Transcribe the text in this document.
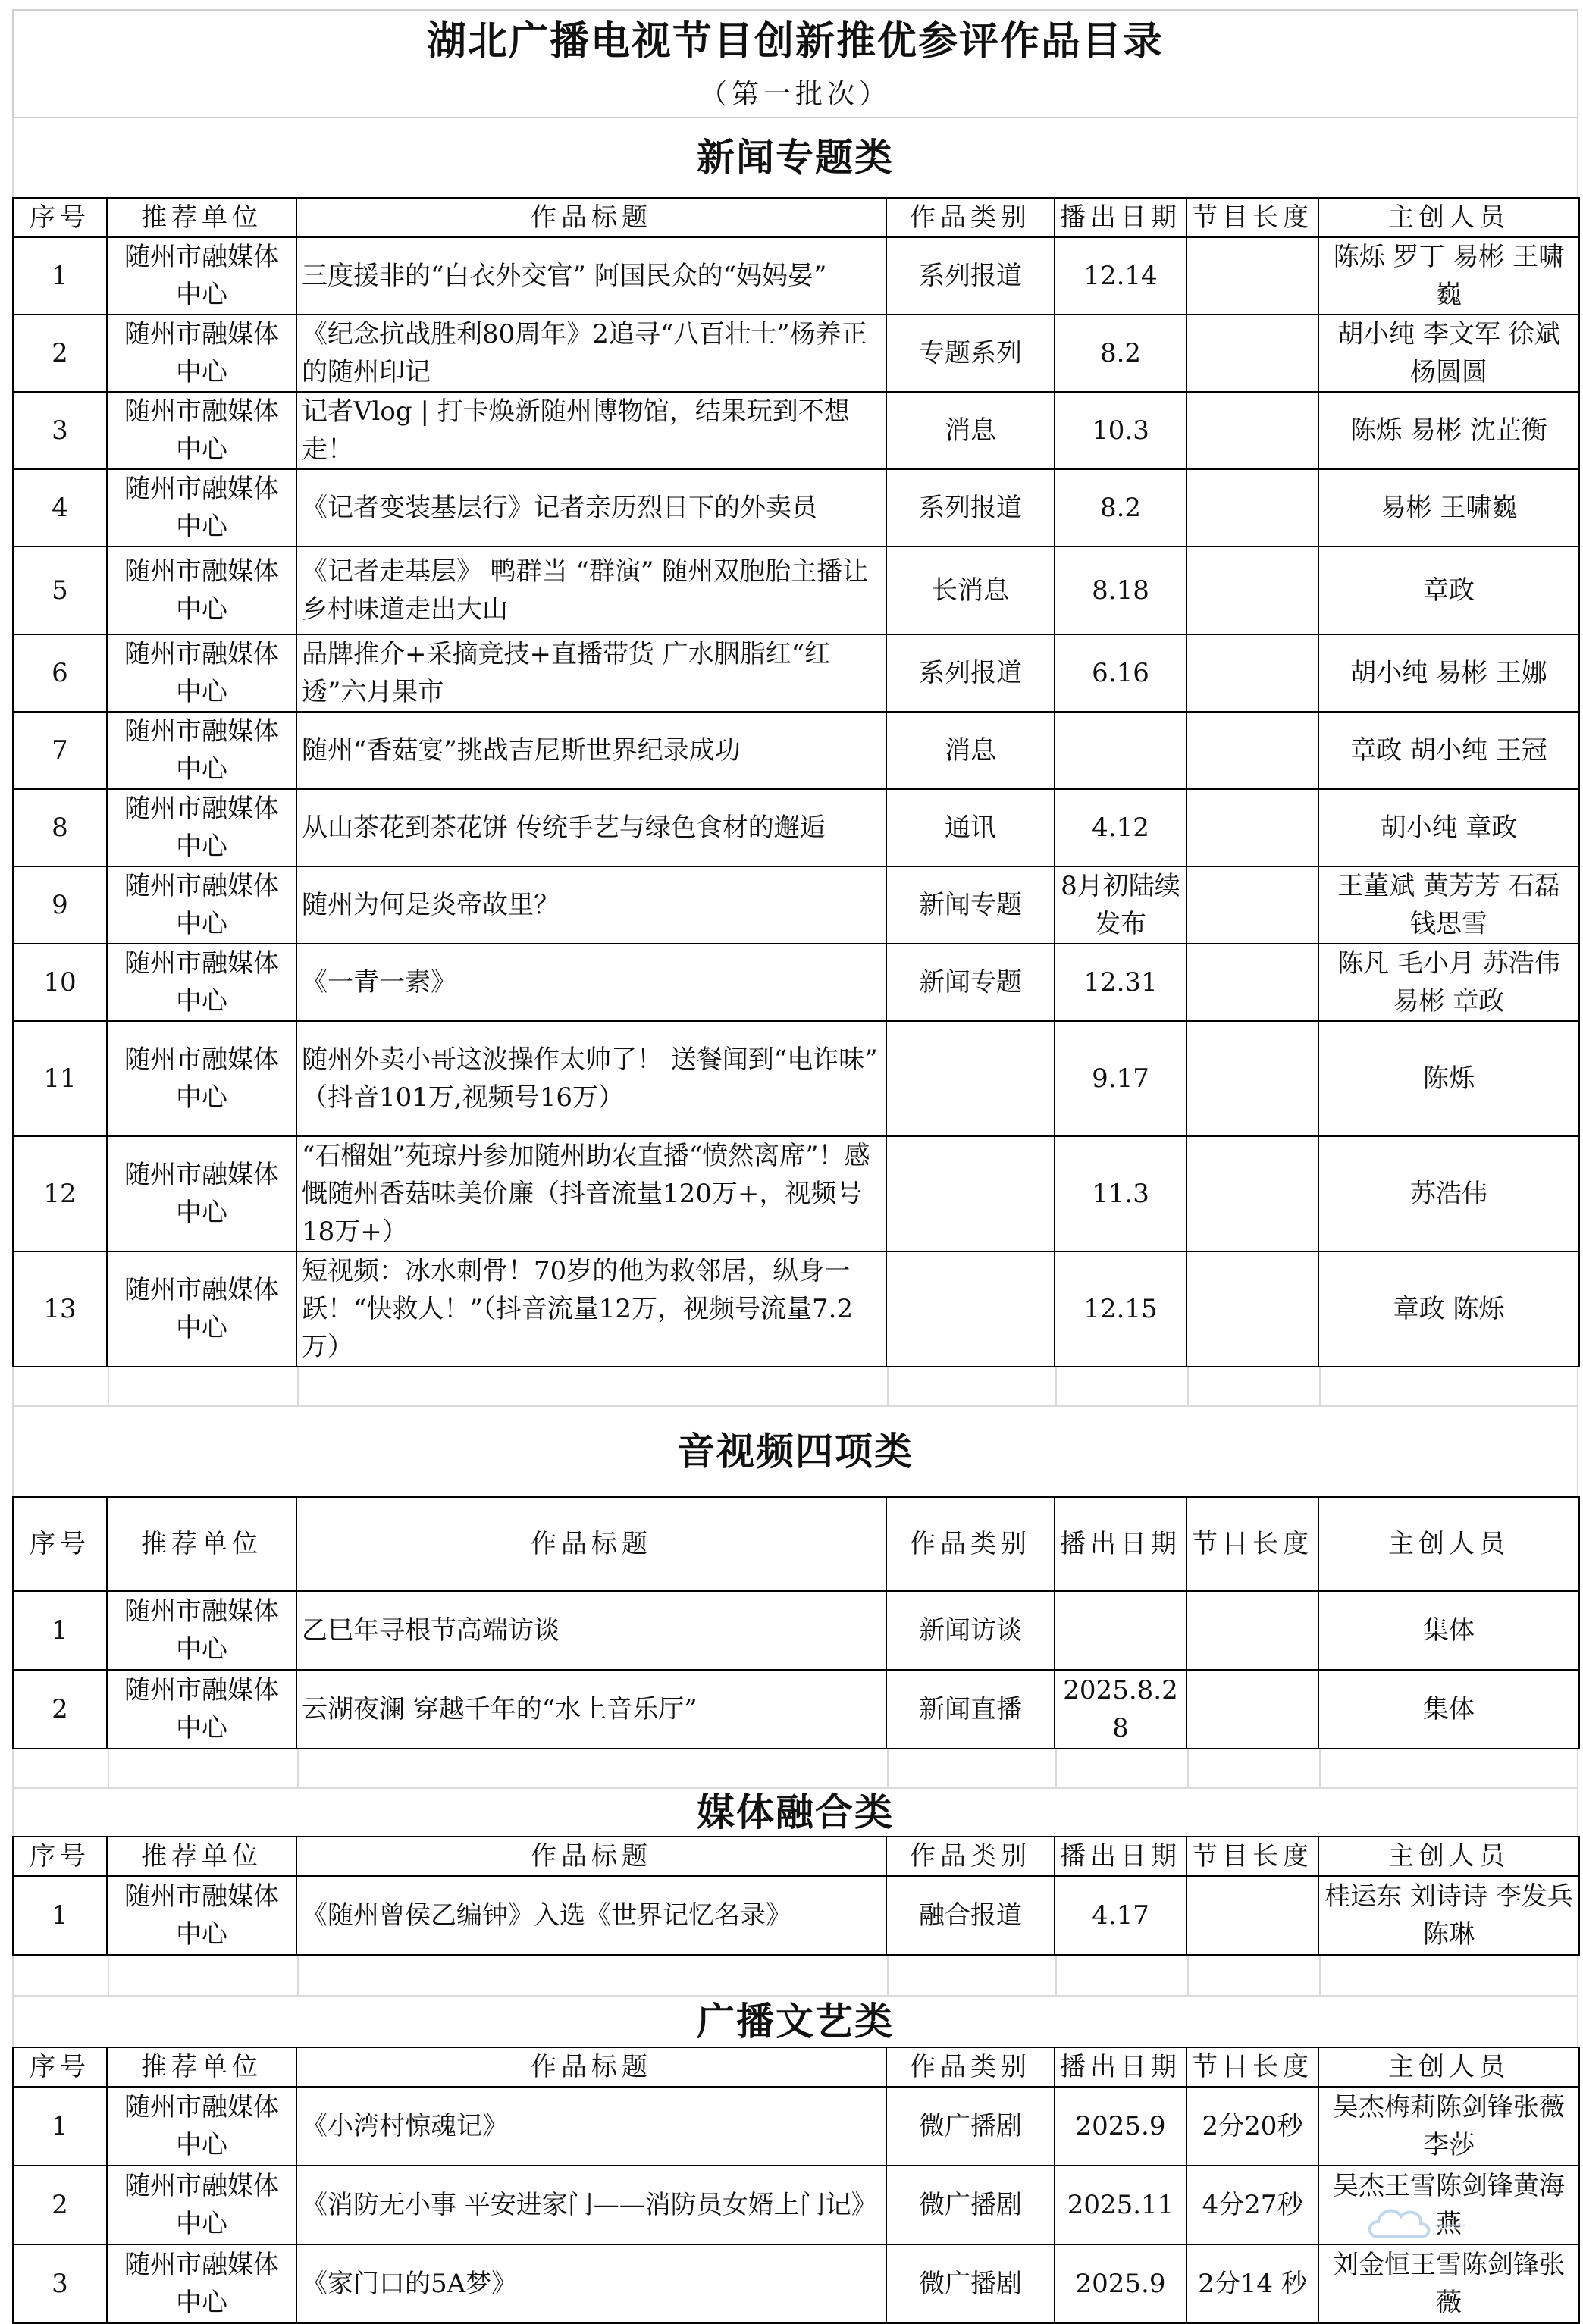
湖北广播电视节目创新推优参评作品目录
（第一批次）
新闻专题类
序号	推荐单位	作品标题	作品类别	播出日期	节目长度	主创人员
1	随州市融媒体中心	三度援非的“白衣外交官” 阿国民众的“妈妈晏”	系列报道	12.14		陈烁 罗丁 易彬 王啸巍
2	随州市融媒体中心	《纪念抗战胜利80周年》2追寻“八百壮士”杨养正的随州印记	专题系列	8.2		胡小纯 李文军 徐斌 杨圆圆
3	随州市融媒体中心	记者Vlog | 打卡焕新随州博物馆，结果玩到不想走！	消息	10.3		陈烁 易彬 沈芷衡
4	随州市融媒体中心	《记者变装基层行》记者亲历烈日下的外卖员	系列报道	8.2		易彬 王啸巍
5	随州市融媒体中心	《记者走基层》 鸭群当 “群演” 随州双胞胎主播让乡村味道走出大山	长消息	8.18		章政
6	随州市融媒体中心	品牌推介+采摘竞技+直播带货 广水胭脂红“红透”六月果市	系列报道	6.16		胡小纯 易彬 王娜
7	随州市融媒体中心	随州“香菇宴”挑战吉尼斯世界纪录成功	消息			章政 胡小纯 王冠
8	随州市融媒体中心	从山茶花到茶花饼 传统手艺与绿色食材的邂逅	通讯	4.12		胡小纯 章政
9	随州市融媒体中心	随州为何是炎帝故里？	新闻专题	8月初陆续发布		王董斌 黄芳芳 石磊 钱思雪
10	随州市融媒体中心	《一青一素》	新闻专题	12.31		陈凡 毛小月 苏浩伟 易彬 章政
11	随州市融媒体中心	随州外卖小哥这波操作太帅了！ 送餐闻到“电诈味” （抖音101万,视频号16万）		9.17		陈烁
12	随州市融媒体中心	“石榴姐”苑琼丹参加随州助农直播“愤然离席”！感慨随州香菇味美价廉（抖音流量120万+，视频号18万+）		11.3		苏浩伟
13	随州市融媒体中心	短视频：冰水刺骨！70岁的他为救邻居，纵身一跃！“快救人！”（抖音流量12万，视频号流量7.2万）		12.15		章政 陈烁
音视频四项类
序号	推荐单位	作品标题	作品类别	播出日期	节目长度	主创人员
1	随州市融媒体中心	乙巳年寻根节高端访谈	新闻访谈			集体
2	随州市融媒体中心	云湖夜澜 穿越千年的“水上音乐厅”	新闻直播	2025.8.28		集体
媒体融合类
序号	推荐单位	作品标题	作品类别	播出日期	节目长度	主创人员
1	随州市融媒体中心	《随州曾侯乙编钟》入选《世界记忆名录》	融合报道	4.17		桂运东 刘诗诗 李发兵 陈琳
广播文艺类
序号	推荐单位	作品标题	作品类别	播出日期	节目长度	主创人员
1	随州市融媒体中心	《小湾村惊魂记》	微广播剧	2025.9	2分20秒	吴杰梅莉陈剑锋张薇李莎
2	随州市融媒体中心	《消防无小事 平安进家门——消防员女婿上门记》	微广播剧	2025.11	4分27秒	吴杰王雪陈剑锋黄海燕
3	随州市融媒体中心	《家门口的5A梦》	微广播剧	2025.9	2分14 秒	刘金恒王雪陈剑锋张薇
